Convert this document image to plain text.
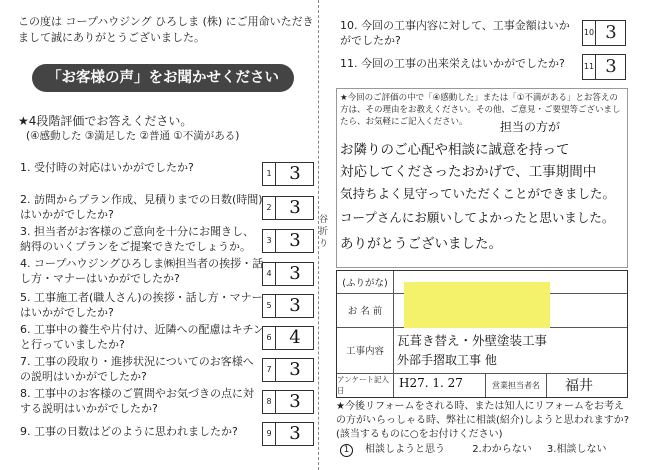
この度は コープハウジング ひろしま (株) にご用命いただきまして誠にありがとうございました。
「お客様の声」をお聞かせください
★4段階評価でお答えください。
(④感動した ③満足した ②普通 ①不満がある)
1. 受付時の対応はいかがでしたか?	1 3
2. 訪問からプラン作成、見積りまでの日数(時間)はいかがでしたか?
2 3
3. 担当者がお客様のご意向を十分にお聞きし、納得のいくプランをご提案できたでしょうか。	3 3
4. コープハウジングひろしま㈱担当者の挨拶・話し方・マナーはいかがでしたか?	4 3
5. 工事施工者(職人さん)の挨拶・話し方・マナーはいかがでしたか?
5 3
6. 工事中の養生や片付け、近隣への配慮はキチンと行っていましたか?
6 4
7. 工事の段取り・進捗状況についてのお客様への説明はいかがでしたか?
7 3
8. 工事中のお客様のご質問やお気づきの点に対する説明はいかがでしたか?
8 3
9. 工事の日数はどのように思われましたか?	9 3
谷折り
10. 今回の工事内容に対して、工事金額はいかがでしたか?
10 3
11. 今回の工事の出来栄えはいかがでしたか?	11 3
★今回のご評価の中で「④感動した」または「①不満がある」とお答えの方は、その理由をお教えください。その他、ご意見・ご要望等ございましたら、お気軽にご記入ください。	担当の方が
お隣りのご心配や相談に誠意を持って
対応してくださったおかげで、工事期間中
気持ちよく見守っていただくことができました。
コープさんにお願いしてよかったと思いました。
ありがとうございました。
(ふりがな)
お 名 前
工事内容
瓦葺き替え・外壁塗装工事
外部手摺取工事 他
アンケート記入日
H27. 1. 27	営業担当者名	福井
★今後リフォームをされる時、または知人にリフォームをお考えの方がいらっしゃる時、弊社に相談(紹介)しようと思われますか? (該当するものに○をお付けください)
1 相談しようと思う	2.わからない 3.相談しない
